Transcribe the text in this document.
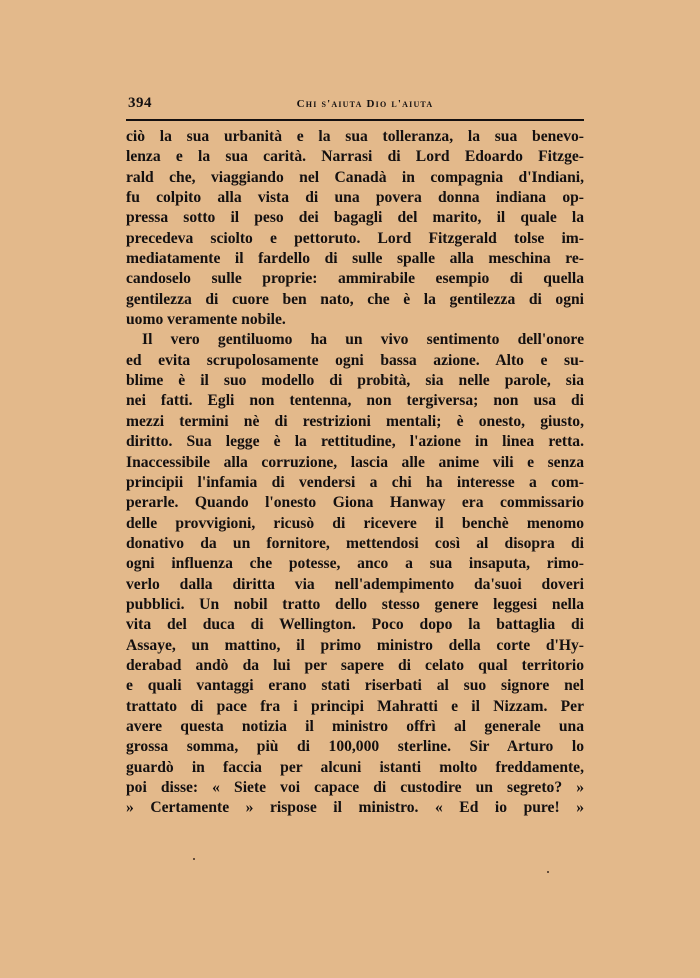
394	Chi s'aiuta Dio l'aiuta
ciò la sua urbanità e la sua tolleranza, la sua benevo-
lenza e la sua carità. Narrasi di Lord Edoardo Fitzge-
rald che, viaggiando nel Canadà in compagnia d'Indiani,
fu colpito alla vista di una povera donna indiana op-
pressa sotto il peso dei bagagli del marito, il quale la
precedeva sciolto e pettoruto. Lord Fitzgerald tolse im-
mediatamente il fardello di sulle spalle alla meschina re-
candoselo sulle proprie: ammirabile esempio di quella
gentilezza di cuore ben nato, che è la gentilezza di ogni
uomo veramente nobile.
Il vero gentiluomo ha un vivo sentimento dell'onore
ed evita scrupolosamente ogni bassa azione. Alto e su-
blime è il suo modello di probità, sia nelle parole, sia
nei fatti. Egli non tentenna, non tergiversa; non usa di
mezzi termini nè di restrizioni mentali; è onesto, giusto,
diritto. Sua legge è la rettitudine, l'azione in linea retta.
Inaccessibile alla corruzione, lascia alle anime vili e senza
principii l'infamia di vendersi a chi ha interesse a com-
perarle. Quando l'onesto Giona Hanway era commissario
delle provvigioni, ricusò di ricevere il benchè menomo
donativo da un fornitore, mettendosi così al disopra di
ogni influenza che potesse, anco a sua insaputa, rimo-
verlo dalla diritta via nell'adempimento da'suoi doveri
pubblici. Un nobil tratto dello stesso genere leggesi nella
vita del duca di Wellington. Poco dopo la battaglia di
Assaye, un mattino, il primo ministro della corte d'Hy-
derabad andò da lui per sapere di celato qual territorio
e quali vantaggi erano stati riserbati al suo signore nel
trattato di pace fra i principi Mahratti e il Nizzam. Per
avere questa notizia il ministro offrì al generale una
grossa somma, più di 100,000 sterline. Sir Arturo lo
guardò in faccia per alcuni istanti molto freddamente,
poi disse: « Siete voi capace di custodire un segreto? »
» Certamente » rispose il ministro. « Ed io pure! »
